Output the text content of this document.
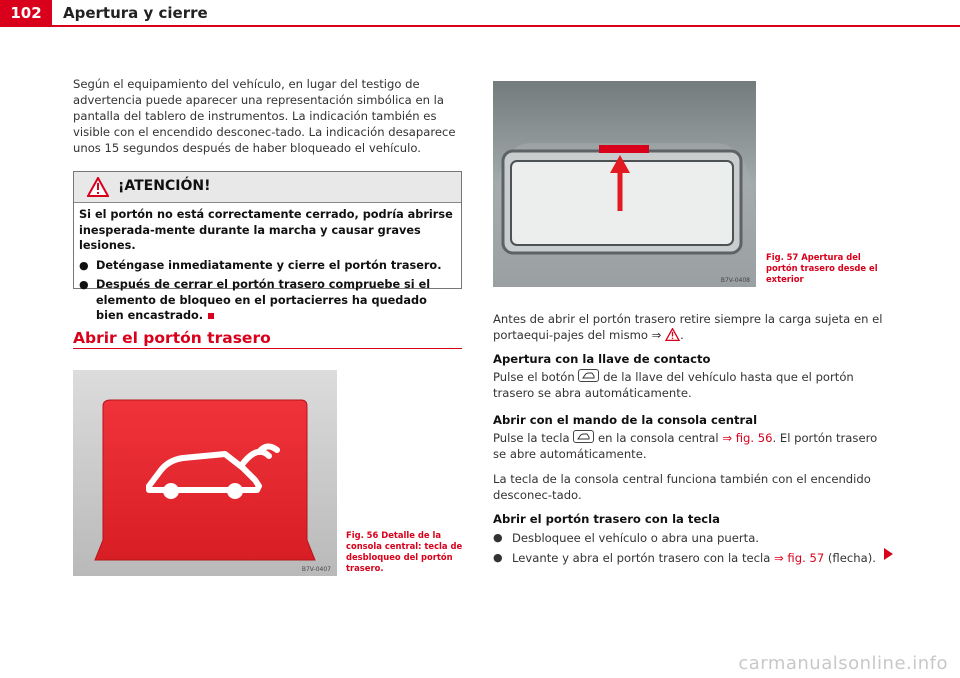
102	Apertura y cierre
Según el equipamiento del vehículo, en lugar del testigo de advertencia puede aparecer una representación simbólica en la pantalla del tablero de instrumentos. La indicación también es visible con el encendido desconec-tado. La indicación desaparece unos 15 segundos después de haber bloqueado el vehículo.
¡ATENCIÓN!

Si el portón no está correctamente cerrado, podría abrirse inesperada-mente durante la marcha y causar graves lesiones.

● Deténgase inmediatamente y cierre el portón trasero.
● Después de cerrar el portón trasero compruebe si el elemento de bloqueo en el portacierres ha quedado bien encastrado.
Abrir el portón trasero
B7V-0407
Fig. 56 Detalle de la consola central: tecla de desbloqueo del portón trasero.
B7V-0408
Fig. 57 Apertura del portón trasero desde el exterior
Antes de abrir el portón trasero retire siempre la carga sujeta en el portaequi-pajes del mismo ⇒ .
Apertura con la llave de contacto
Pulse el botón de la llave del vehículo hasta que el portón trasero se abra automáticamente.
Abrir con el mando de la consola central
Pulse la tecla en la consola central ⇒ fig. 56. El portón trasero se abre automáticamente.
La tecla de la consola central funciona también con el encendido desconec-tado.
Abrir el portón trasero con la tecla
● Desbloquee el vehículo o abra una puerta.
● Levante y abra el portón trasero con la tecla ⇒ fig. 57 (flecha).
carmanualsonline.info
